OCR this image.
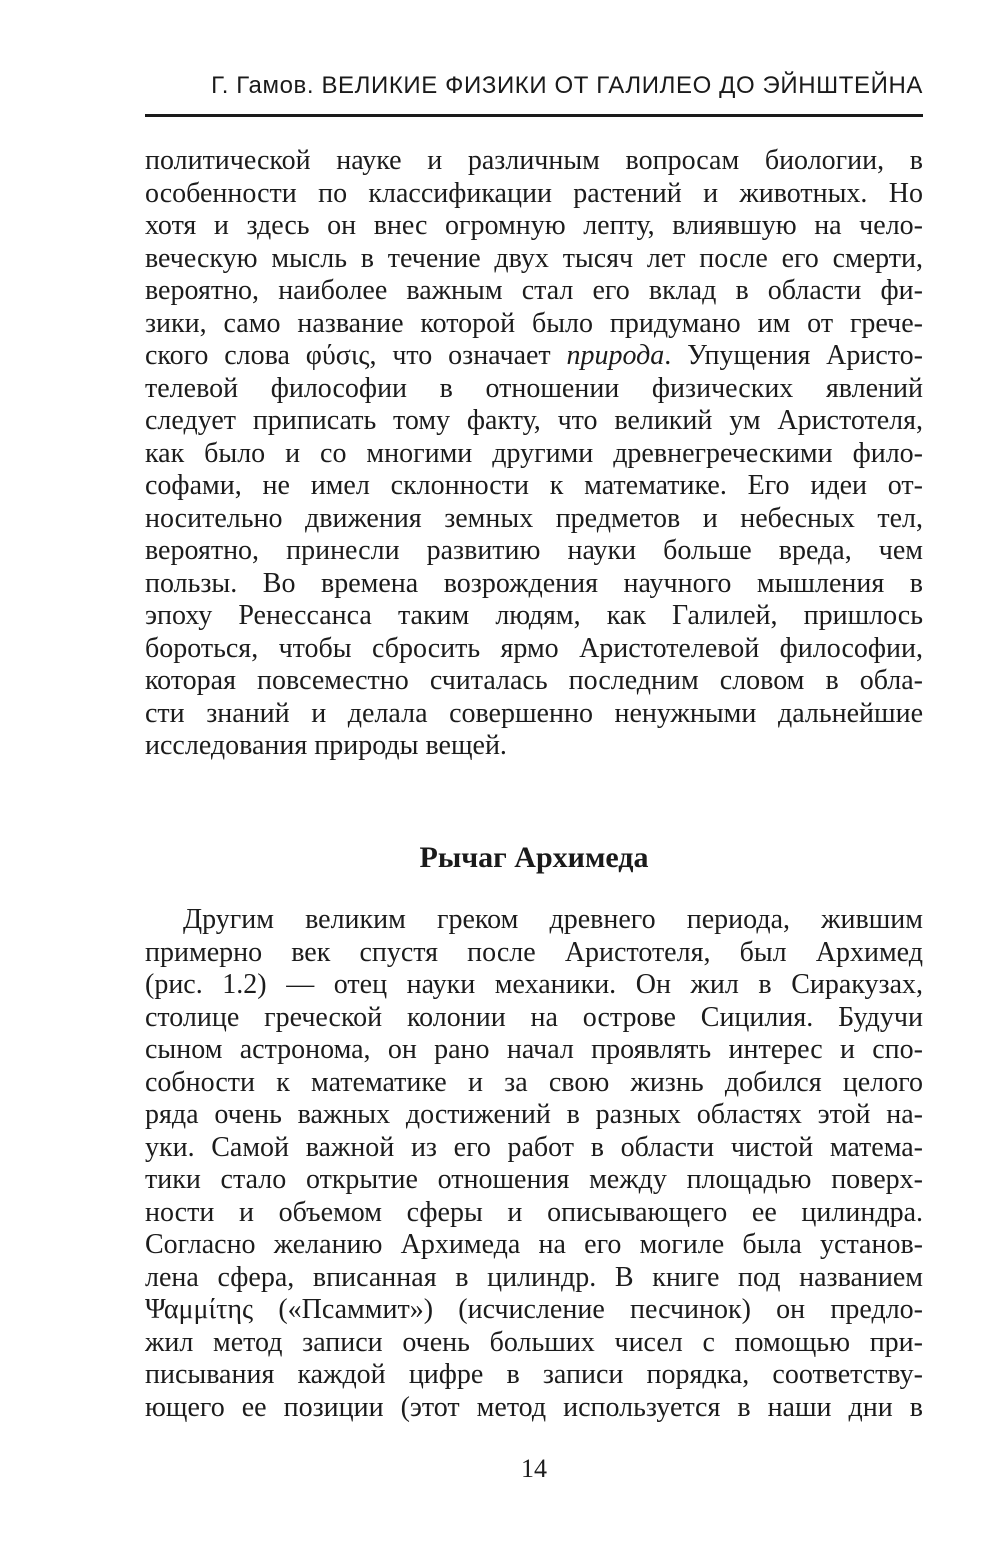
Г. Гамов. ВЕЛИКИЕ ФИЗИКИ ОТ ГАЛИЛЕО ДО ЭЙНШТЕЙНА
политической науке и различным вопросам биологии, в
особенности по классификации растений и животных. Но
хотя и здесь он внес огромную лепту, влиявшую на чело-
веческую мысль в течение двух тысяч лет после его смерти,
вероятно, наиболее важным стал его вклад в области фи-
зики, само название которой было придумано им от грече-
ского слова φύσις, что означает природа. Упущения Аристо-
телевой философии в отношении физических явлений
следует приписать тому факту, что великий ум Аристотеля,
как было и со многими другими древнегреческими фило-
софами, не имел склонности к математике. Его идеи от-
носительно движения земных предметов и небесных тел,
вероятно, принесли развитию науки больше вреда, чем
пользы. Во времена возрождения научного мышления в
эпоху Ренессанса таким людям, как Галилей, пришлось
бороться, чтобы сбросить ярмо Аристотелевой философии,
которая повсеместно считалась последним словом в обла-
сти знаний и делала совершенно ненужными дальнейшие
исследования природы вещей.
Рычаг Архимеда
Другим великим греком древнего периода, жившим
примерно век спустя после Аристотеля, был Архимед
(рис. 1.2) — отец науки механики. Он жил в Сиракузах,
столице греческой колонии на острове Сицилия. Будучи
сыном астронома, он рано начал проявлять интерес и спо-
собности к математике и за свою жизнь добился целого
ряда очень важных достижений в разных областях этой на-
уки. Самой важной из его работ в области чистой матема-
тики стало открытие отношения между площадью поверх-
ности и объемом сферы и описывающего ее цилиндра.
Согласно желанию Архимеда на его могиле была установ-
лена сфера, вписанная в цилиндр. В книге под названием
Ψαμμίτης («Псаммит») (исчисление песчинок) он предло-
жил метод записи очень больших чисел с помощью при-
писывания каждой цифре в записи порядка, соответству-
ющего ее позиции (этот метод используется в наши дни в
14
